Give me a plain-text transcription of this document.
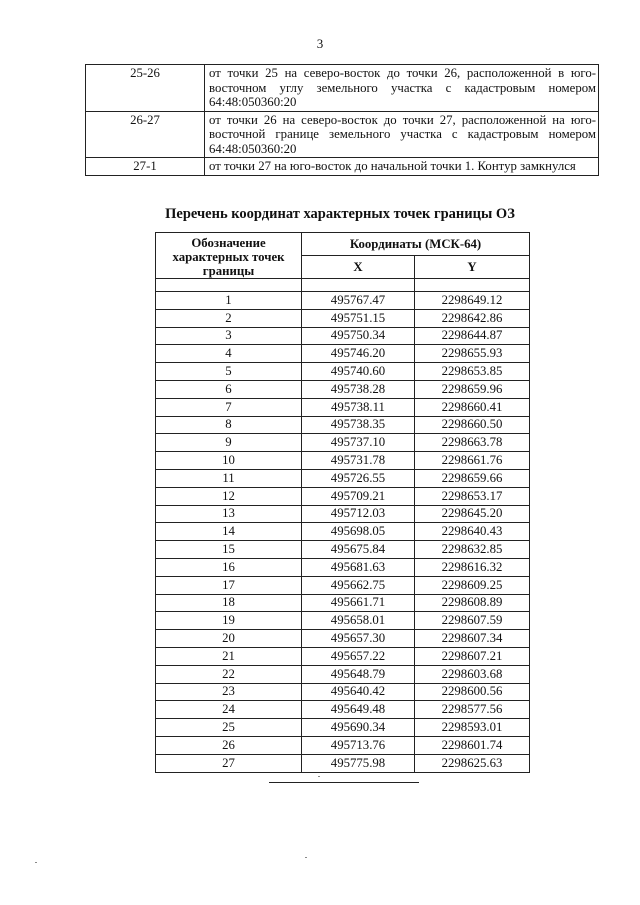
3
25-26	от точки 25 на северо-восток до точки 26, расположенной в юго-восточном углу земельного участка с кадастровым номером 64:48:050360:20
26-27	от точки 26 на северо-восток до точки 27, расположенной на юго-восточной границе земельного участка с кадастровым номером 64:48:050360:20
27-1	от точки 27 на юго-восток до начальной точки 1. Контур замкнулся
Перечень координат характерных точек границы ОЗ
Обозначение характерных точек границы	Координаты (МСК-64)	
	X	Y

1	495767.47	2298649.12
2	495751.15	2298642.86
3	495750.34	2298644.87
4	495746.20	2298655.93
5	495740.60	2298653.85
6	495738.28	2298659.96
7	495738.11	2298660.41
8	495738.35	2298660.50
9	495737.10	2298663.78
10	495731.78	2298661.76
11	495726.55	2298659.66
12	495709.21	2298653.17
13	495712.03	2298645.20
14	495698.05	2298640.43
15	495675.84	2298632.85
16	495681.63	2298616.32
17	495662.75	2298609.25
18	495661.71	2298608.89
19	495658.01	2298607.59
20	495657.30	2298607.34
21	495657.22	2298607.21
22	495648.79	2298603.68
23	495640.42	2298600.56
24	495649.48	2298577.56
25	495690.34	2298593.01
26	495713.76	2298601.74
27	495775.98	2298625.63
